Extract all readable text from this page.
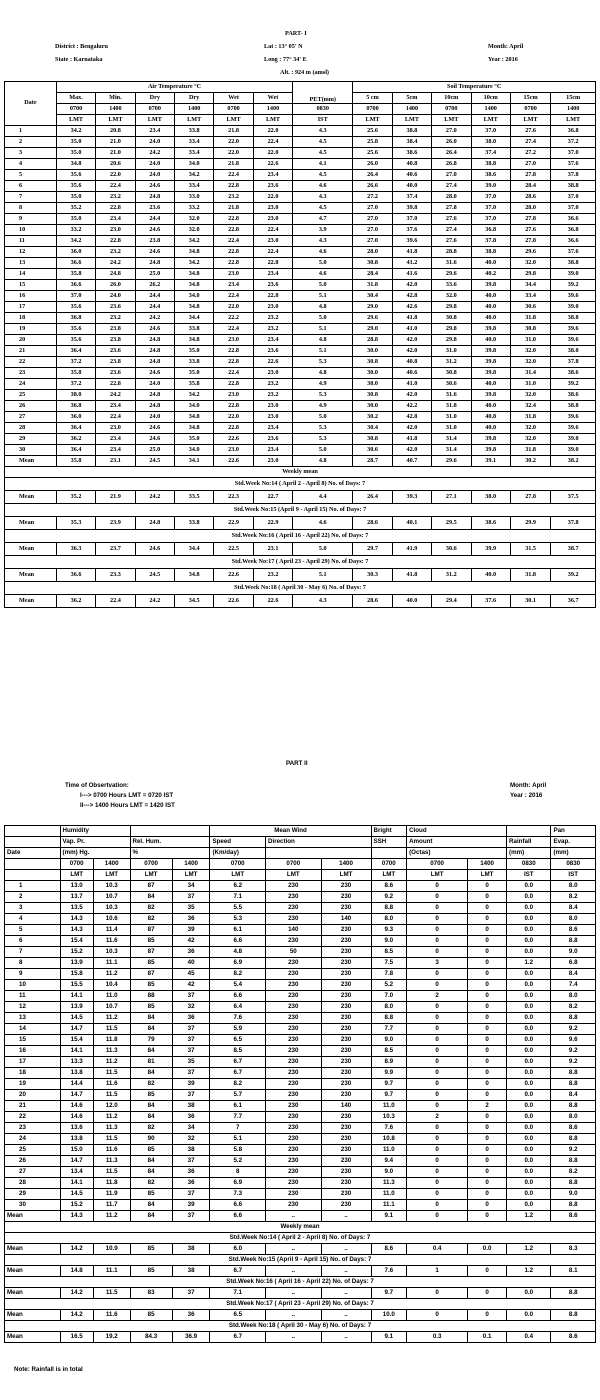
PART- I
District : Bengaluru
State : Karnataka
Lat : 13° 05' N
Long : 77° 34' E
Alt. : 924 m (amsl)
Month: April
Year : 2016
Date	Air Temperature °C						PET(mm)	Soil Temperature °C					
	Max.	Min.	Dry	Dry	Wet	Wet		5 cm	5cm	10cm	10cm	15cm	15cm
	0700	1400	0700	1400	0700	1400	0830	0700	1400	0700	1400	0700	1400
	LMT	LMT	LMT	LMT	LMT	LMT	IST	LMT	LMT	LMT	LMT	LMT	LMT
1	34.2	20.8	23.4	33.8	21.8	22.0	4.3	25.6	38.8	27.0	37.0	27.6	36.8
2	35.0	21.0	24.0	33.4	22.0	22.4	4.5	25.8	38.4	26.0	38.0	27.4	37.2
3	35.0	21.0	24.2	33.4	22.0	22.0	4.5	25.6	38.6	26.4	37.4	27.2	37.0
4	34.8	20.6	24.0	34.0	21.8	22.6	4.1	26.0	40.8	26.8	38.8	27.0	37.6
5	35.6	22.0	24.0	34.2	22.4	23.4	4.5	26.4	40.6	27.0	38.6	27.8	37.8
6	35.6	22.4	24.6	33.4	22.8	23.6	4.6	26.6	40.0	27.4	39.0	28.4	38.8
7	35.0	23.2	24.8	33.0	23.2	22.0	4.3	27.2	37.4	28.0	37.0	28.6	37.0
8	35.2	22.8	23.6	33.2	21.8	23.0	4.5	27.0	39.8	27.8	37.0	28.0	37.0
9	35.0	23.4	24.4	32.0	22.8	23.0	4.7	27.0	37.0	27.6	37.0	27.8	36.6
10	33.2	23.0	24.6	32.0	22.8	22.4	3.9	27.0	37.6	27.4	36.8	27.6	36.8
11	34.2	22.8	23.8	34.2	22.4	23.0	4.3	27.0	39.6	27.6	37.8	27.8	36.6
12	36.0	23.2	24.6	34.8	22.8	22.4	4.6	28.0	41.8	28.8	38.8	29.6	37.6
13	36.6	24.2	24.8	34.2	22.8	22.8	5.0	30.8	41.2	31.6	40.0	32.0	38.8
14	35.8	24.8	25.0	34.8	23.0	23.4	4.6	28.4	41.6	29.6	40.2	29.8	39.0
15	36.6	26.0	26.2	34.8	23.4	23.6	5.0	31.8	42.0	33.6	39.8	34.4	39.2
16	37.0	24.0	24.4	34.0	22.4	22.8	5.1	30.4	42.8	32.0	40.0	33.4	39.6
17	35.6	23.6	24.4	34.8	22.0	23.0	4.8	29.0	42.6	29.8	40.0	30.6	39.0
18	36.8	23.2	24.2	34.4	22.2	23.2	5.0	29.6	41.8	30.8	40.0	31.8	38.8
19	35.6	23.8	24.6	33.8	22.4	23.2	5.1	29.0	41.0	29.8	39.8	30.8	39.6
20	35.6	23.8	24.8	34.8	23.0	23.4	4.8	28.8	42.0	29.8	40.0	31.0	39.6
21	36.4	23.6	24.8	35.0	22.8	23.6	5.1	30.0	42.0	31.0	39.8	32.0	38.0
22	37.2	23.8	24.8	33.8	22.8	22.6	5.3	30.8	40.8	31.2	39.8	32.0	37.8
23	35.8	23.6	24.6	35.0	22.4	23.0	4.8	30.0	40.6	30.8	39.8	31.4	38.6
24	37.2	22.8	24.0	35.8	22.8	23.2	4.9	30.0	41.0	30.6	40.0	31.0	39.2
25	38.0	24.2	24.8	34.2	23.0	23.2	5.3	30.8	42.0	31.6	39.8	32.0	38.6
26	36.8	23.4	24.8	34.0	22.8	23.0	4.9	30.0	42.2	31.8	40.0	32.4	38.8
27	36.0	22.4	24.0	34.8	22.0	23.0	5.0	30.2	42.8	31.0	40.8	31.8	39.6
28	36.4	23.0	24.6	34.8	22.8	23.4	5.3	30.4	42.0	31.0	40.0	32.0	39.6
29	36.2	23.4	24.6	35.0	22.6	23.6	5.3	30.8	41.8	31.4	39.8	32.0	39.0
30	36.4	23.4	25.0	34.0	23.0	23.4	5.0	30.6	42.0	31.4	39.8	31.8	39.0
Mean	35.8	23.1	24.5	34.1	22.6	23.0	4.8	28.7	40.7	29.6	39.1	30.2	38.2
Weekly mean													
Std.Week No:14 ( April 2 - April 8) No. of Days: 7													
Mean	35.2	21.9	24.2	33.5	22.3	22.7	4.4	26.4	39.3	27.1	38.0	27.8	37.5
Std.Week No:15 (April 9 - April 15) No. of Days: 7													
Mean	35.3	23.9	24.8	33.8	22.9	22.9	4.6	28.6	40.1	29.5	38.6	29.9	37.8
Std.Week No:16 ( April 16 - April 22) No. of Days: 7													
Mean	36.3	23.7	24.6	34.4	22.5	23.1	5.0	29.7	41.9	30.6	39.9	31.5	38.7
Std.Week No:17 ( April 23 - April 29) No. of Days: 7													
Mean	36.6	23.3	24.5	34.8	22.6	23.2	5.1	30.3	41.8	31.2	40.0	31.8	39.2
Std.Week No:18 ( April 30 - May 6) No. of Days: 7													
Mean	36.2	22.4	24.2	34.5	22.6	22.6	4.3	28.6	40.0	29.4	37.6	30.1	36.7
PART II
Time of Obsertvation:
I---> 0700 Hours LMT = 0720 IST
II---> 1400 Hours LMT = 1420 IST
Month: April
Year : 2016
	Humidity				Mean Wind			Bright	Cloud			Pan
	Vap. Pr.		Rel. Hum.		Speed	Direction		SSH	Amount		Rainfall	Evap.
Date	(mm) Hg.		%		(Km/day)				(Octas)		(mm)	(mm)
	0700	1400	0700	1400	0700	0700	1400	0700	0700	1400	0830	0830
	LMT	LMT	LMT	LMT	LMT	LMT	LMT	LMT	LMT	LMT	IST	IST
1	13.0	10.3	87	34	6.2	230	230	8.6	0	0	0.0	8.0
2	13.7	10.7	84	37	7.1	230	230	9.2	0	0	0.0	8.2
3	13.5	10.3	82	35	5.5	230	230	8.8	0	0	0.0	8.4
4	14.3	10.6	82	36	5.3	230	140	8.0	0	0	0.0	8.0
5	14.3	11.4	87	39	6.1	140	230	9.3	0	0	0.0	8.6
6	15.4	11.6	85	42	6.6	230	230	9.0	0	0	0.0	8.8
7	15.2	10.3	87	36	4.8	50	230	8.5	0	0	0.0	9.0
8	13.9	11.1	85	40	6.9	230	230	7.5	3	0	1.2	6.8
9	15.8	11.2	87	45	8.2	230	230	7.8	0	0	0.0	8.4
10	15.5	10.4	85	42	5.4	230	230	5.2	0	0	0.0	7.4
11	14.1	11.0	88	37	6.6	230	230	7.0	2	0	0.0	8.0
12	13.9	10.7	85	32	6.4	230	230	8.0	0	0	0.0	8.2
13	14.5	11.2	84	36	7.6	230	230	8.8	0	0	0.0	8.8
14	14.7	11.5	84	37	5.9	230	230	7.7	0	0	0.0	9.2
15	15.4	11.8	79	37	6.5	230	230	9.0	0	0	0.0	9.6
16	14.1	11.3	84	37	8.5	230	230	8.5	0	0	0.0	9.2
17	13.3	11.2	81	35	6.7	230	230	8.9	0	0	0.0	9.2
18	13.8	11.5	84	37	6.7	230	230	9.9	0	0	0.0	8.8
19	14.4	11.6	82	39	8.2	230	230	9.7	0	0	0.0	8.8
20	14.7	11.5	85	37	5.7	230	230	9.7	0	0	0.0	8.4
21	14.6	12.0	84	38	6.1	230	140	11.0	0	2	0.0	8.8
22	14.6	11.2	84	36	7.7	230	230	10.3	2	0	0.0	8.0
23	13.6	11.3	82	34	7	230	230	7.6	0	0	0.0	8.6
24	13.8	11.5	90	32	5.1	230	230	10.8	0	0	0.0	8.8
25	15.0	11.6	85	38	5.8	230	230	11.0	0	0	0.0	9.2
26	14.7	11.3	84	37	5.2	230	230	9.4	0	0	0.0	8.8
27	13.4	11.5	84	36	8	230	230	9.0	0	0	0.0	8.2
28	14.1	11.8	82	36	6.9	230	230	11.3	0	0	0.0	8.8
29	14.5	11.9	85	37	7.3	230	230	11.0	0	0	0.0	9.0
30	15.2	11.7	84	39	6.6	230	230	11.1	0	0	0.0	8.8
Mean	14.3	11.2	84	37	6.6	..	..	9.1	0	0	1.2	8.6
Weekly mean												
Std.Week No:14 ( April 2 - April 8) No. of Days: 7												
Mean	14.2	10.9	85	38	6.0	..	..	8.6	0.4	0.0	1.2	8.3
Std.Week No:15 (April 9 - April 15) No. of Days: 7												
Mean	14.8	11.1	85	38	6.7	..	..	7.6	1	0	1.2	8.1
Std.Week No:16 ( April 16 - April 22) No. of Days: 7												
Mean	14.2	11.5	83	37	7.1	..	..	9.7	0	0	0.0	8.8
Std.Week No:17 ( April 23 - April 29) No. of Days: 7												
Mean	14.2	11.6	85	36	6.5	..	..	10.0	0	0	0.0	8.8
Std.Week No:18 ( April 30 - May 6) No. of Days: 7												
Mean	16.5	19.2	84.3	36.9	6.7	..	..	9.1	0.3	0.1	0.4	8.6
Note: Rainfall is in total
